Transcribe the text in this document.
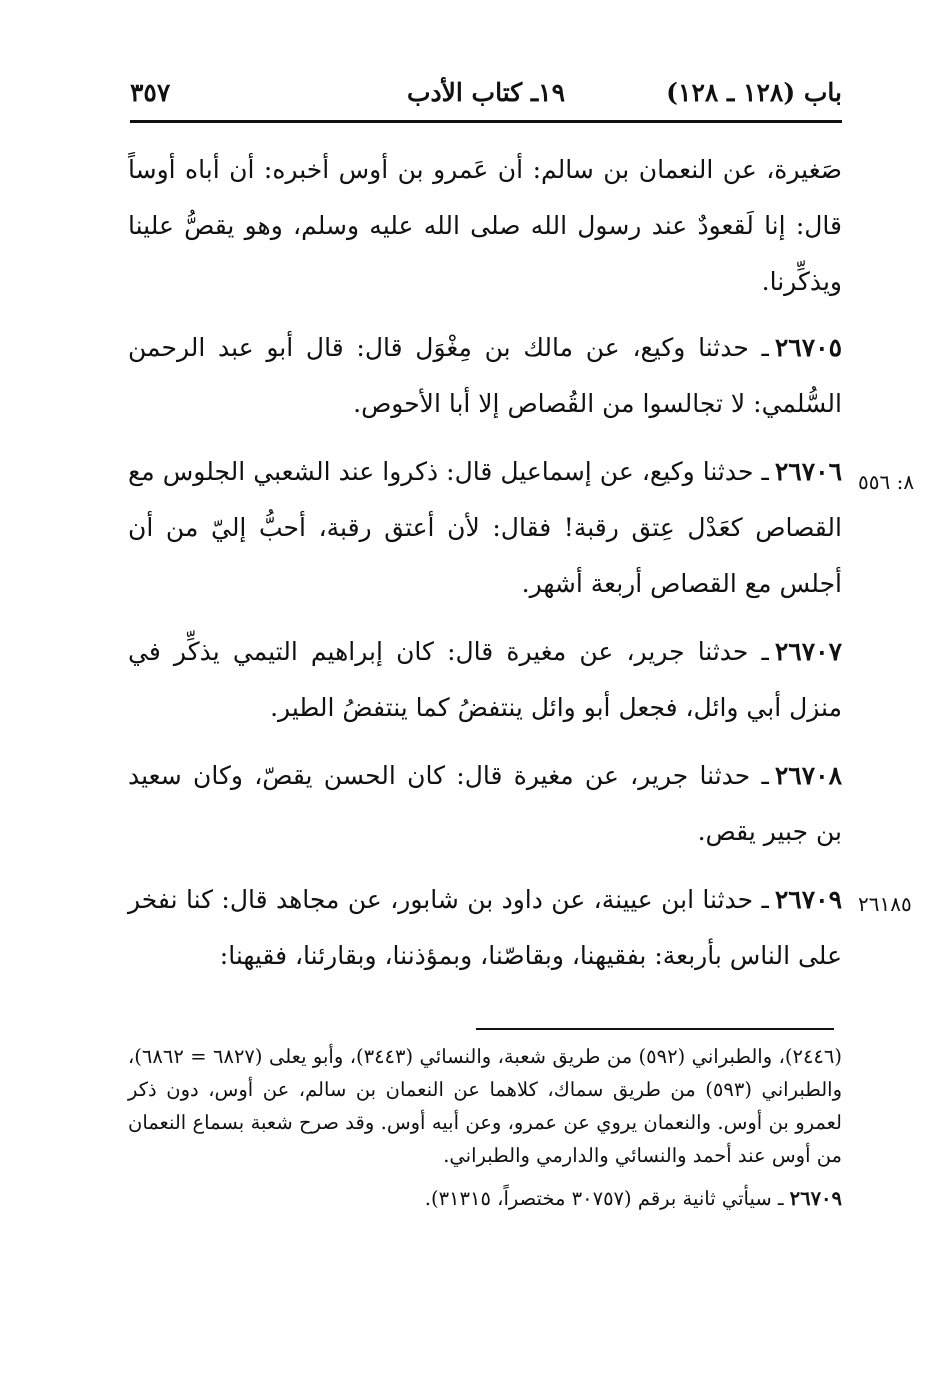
باب (١٢٨ ـ ١٢٨)
١٩ـ كتاب الأدب
٣٥٧

صَغيرة، عن النعمان بن سالم: أن عَمرو بن أوس أخبره: أن أباه أوساً قال: إنا لَقعودٌ عند رسول الله صلى الله عليه وسلم، وهو يقصُّ علينا ويذكِّرنا.

٢٦٧٠٥ـ حدثنا وكيع، عن مالك بن مِغْوَل قال: قال أبو عبد الرحمن السُّلمي: لا تجالسوا من القُصاص إلا أبا الأحوص.

٢٦٧٠٦ـ حدثنا وكيع، عن إسماعيل قال: ذكروا عند الشعبي الجلوس مع القصاص كعَدْل عِتق رقبة! فقال: لأن أعتق رقبة، أحبُّ إليّ من أن أجلس مع القصاص أربعة أشهر.

٢٦٧٠٧ـ حدثنا جرير، عن مغيرة قال: كان إبراهيم التيمي يذكِّر في منزل أبي وائل، فجعل أبو وائل ينتفضُ كما ينتفضُ الطير.

٢٦٧٠٨ـ حدثنا جرير، عن مغيرة قال: كان الحسن يقصّ، وكان سعيد بن جبير يقص.

٢٦٧٠٩ـ حدثنا ابن عيينة، عن داود بن شابور، عن مجاهد قال: كنا نفخر على الناس بأربعة: بفقيهنا، وبقاصّنا، وبمؤذننا، وبقارئنا، فقيهنا:

٨: ٥٥٦
٢٦١٨٥

(٢٤٤٦)، والطبراني (٥٩٢) من طريق شعبة، والنسائي (٣٤٤٣)، وأبو يعلى (٦٨٢٧ = ٦٨٦٢)، والطبراني (٥٩٣) من طريق سماك، كلاهما عن النعمان بن سالم، عن أوس، دون ذكر لعمرو بن أوس. والنعمان يروي عن عمرو، وعن أبيه أوس. وقد صرح شعبة بسماع النعمان من أوس عند أحمد والنسائي والدارمي والطبراني.

٢٦٧٠٩ـ سيأتي ثانية برقم (٣٠٧٥٧ مختصراً، ٣١٣١٥).
